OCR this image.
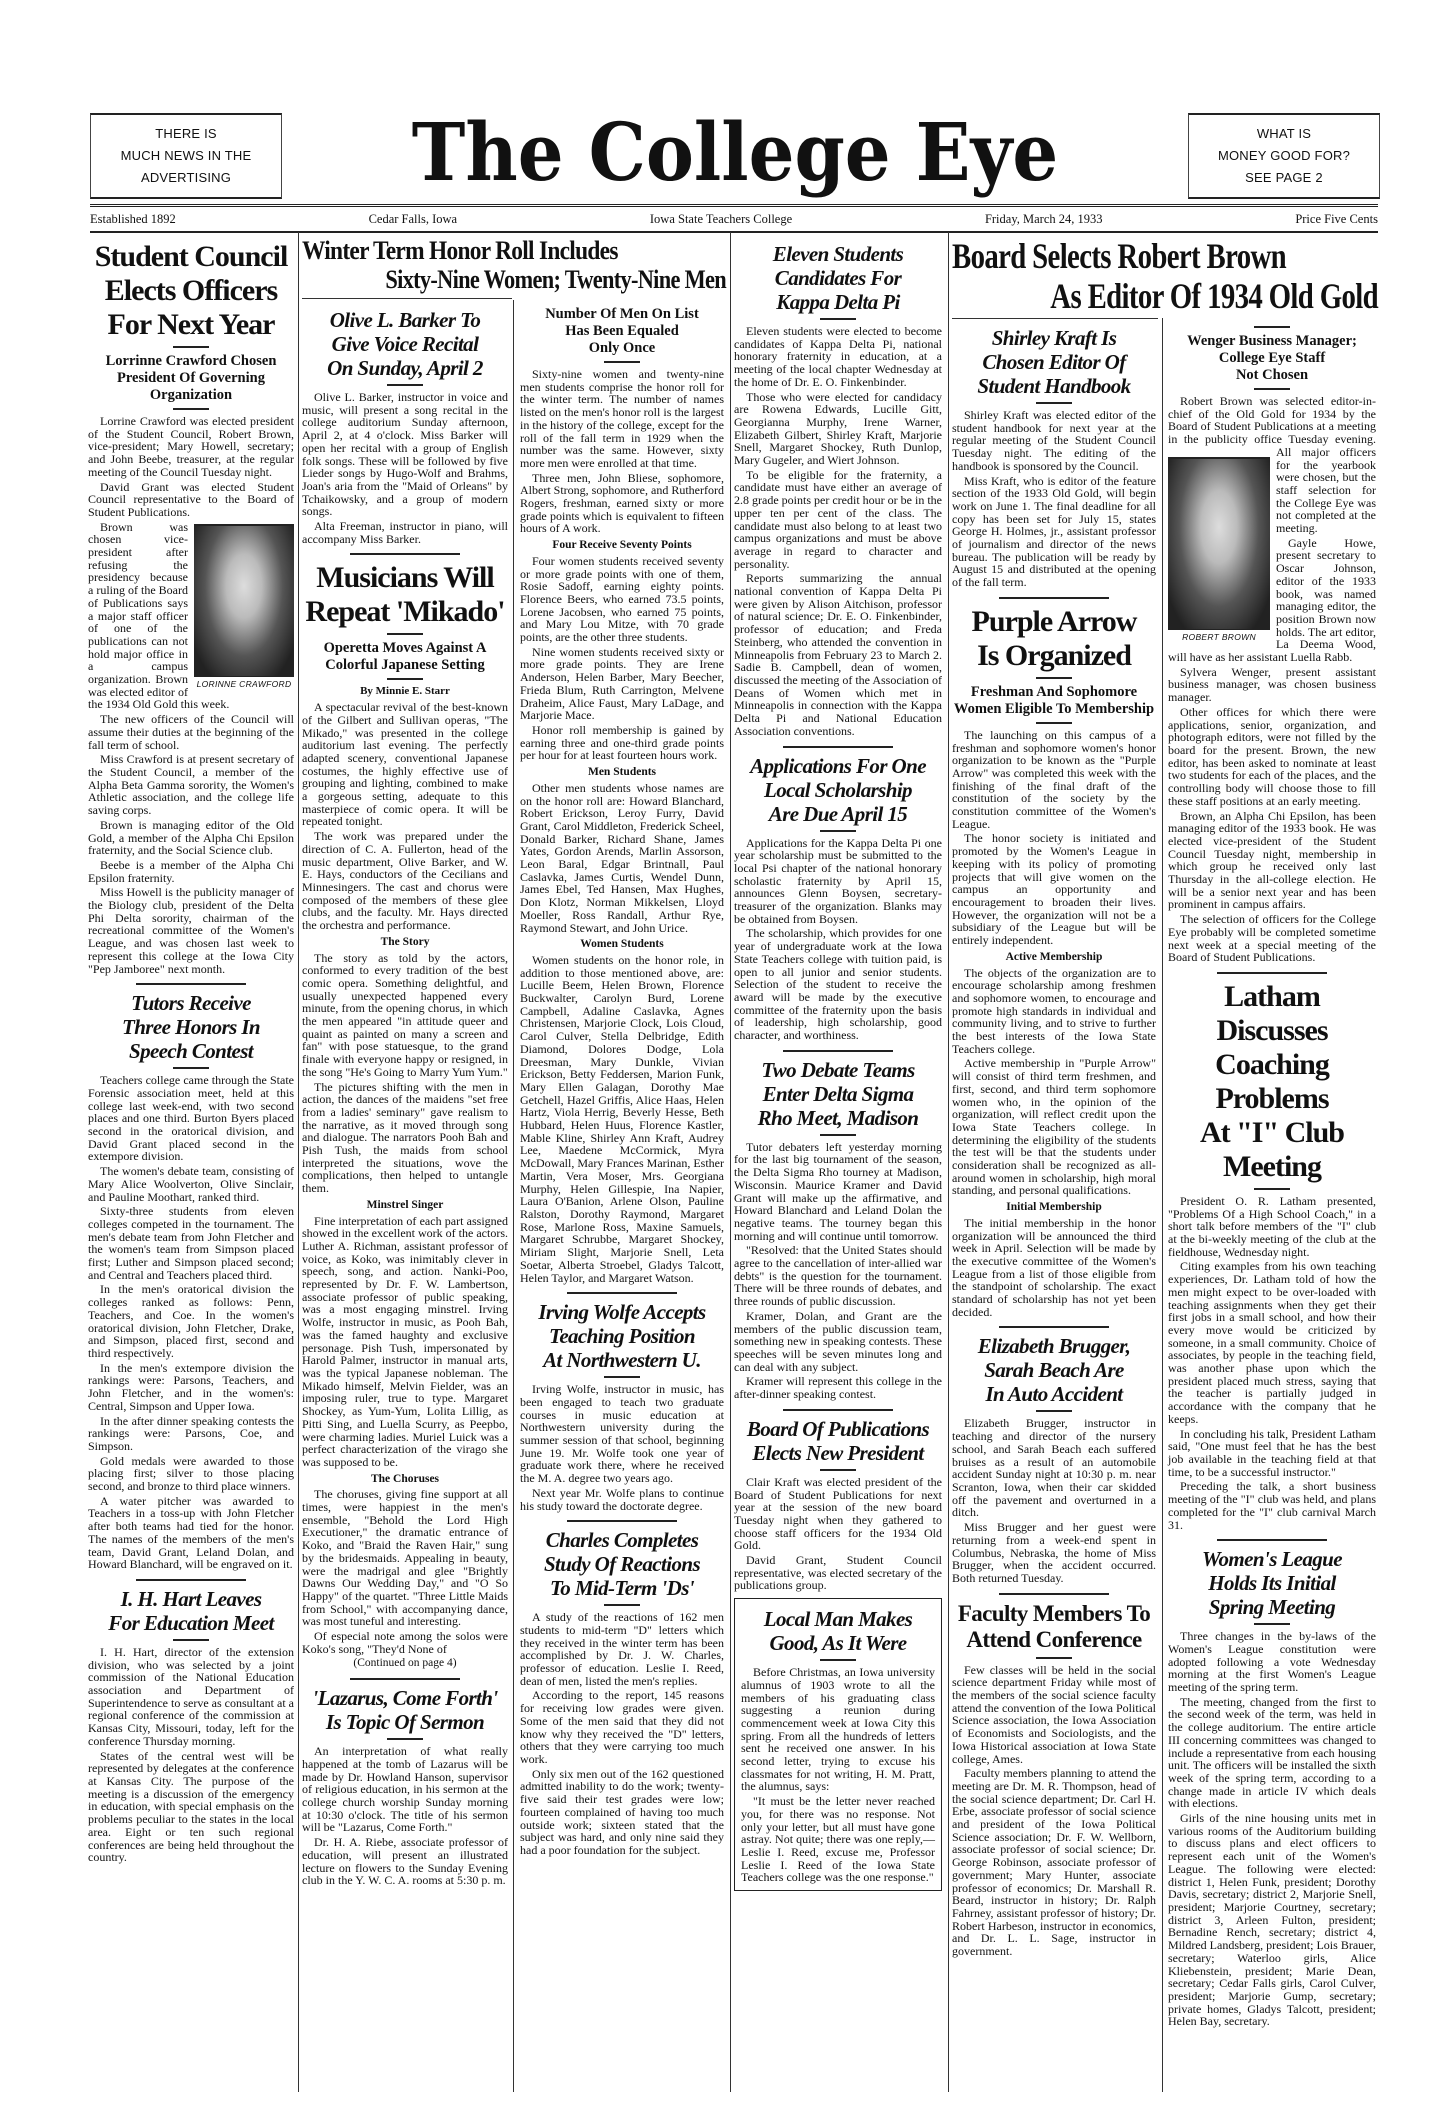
THERE IS
MUCH NEWS IN THE
ADVERTISING	The College Eye	WHAT IS
MONEY GOOD FOR?
SEE PAGE 2
Established 1892	Cedar Falls, Iowa	Iowa State Teachers College	Friday, March 24, 1933	Price Five Cents
Winter Term Honor Roll Includes
Sixty-Nine Women; Twenty-Nine Men
Board Selects Robert Brown
As Editor Of 1934 Old Gold
Student Council
Elects Officers
For Next Year
Lorrinne Crawford Chosen President Of Governing Organization
Lorrine Crawford was elected president of the Student Council, Robert Brown, vice-president; Mary Howell, secretary; and John Beebe, treasurer, at the regular meeting of the Council Tuesday night.
David Grant was elected Student Council representative to the Board of Student Publications.
LORINNE CRAWFORD
Brown was chosen vice-president after refusing the presidency because a ruling of the Board of Publications says a major staff officer of one of the publications can not hold major office in a campus organization. Brown was elected editor of the 1934 Old Gold this week.
The new officers of the Council will assume their duties at the beginning of the fall term of school.
Miss Crawford is at present secretary of the Student Council, a member of the Alpha Beta Gamma sorority, the Women's Athletic association, and the college life saving corps.
Brown is managing editor of the Old Gold, a member of the Alpha Chi Epsilon fraternity, and the Social Science club.
Beebe is a member of the Alpha Chi Epsilon fraternity.
Miss Howell is the publicity manager of the Biology club, president of the Delta Phi Delta sorority, chairman of the recreational committee of the Women's League, and was chosen last week to represent this college at the Iowa City "Pep Jamboree" next month.
Tutors Receive
Three Honors In
Speech Contest
Teachers college came through the State Forensic association meet, held at this college last week-end, with two second places and one third. Burton Byers placed second in the oratorical division, and David Grant placed second in the extempore division.
The women's debate team, consisting of Mary Alice Woolverton, Olive Sinclair, and Pauline Moothart, ranked third.
Sixty-three students from eleven colleges competed in the tournament. The men's debate team from John Fletcher and the women's team from Simpson placed first; Luther and Simpson placed second; and Central and Teachers placed third.
In the men's oratorical division the colleges ranked as follows: Penn, Teachers, and Coe. In the women's oratorical division, John Fletcher, Drake, and Simpson, placed first, second and third respectively.
In the men's extempore division the rankings were: Parsons, Teachers, and John Fletcher, and in the women's: Central, Simpson and Upper Iowa.
In the after dinner speaking contests the rankings were: Parsons, Coe, and Simpson.
Gold medals were awarded to those placing first; silver to those placing second, and bronze to third place winners.
A water pitcher was awarded to Teachers in a toss-up with John Fletcher after both teams had tied for the honor. The names of the members of the men's team, David Grant, Leland Dolan, and Howard Blanchard, will be engraved on it.
I. H. Hart Leaves
For Education Meet
I. H. Hart, director of the extension division, who was selected by a joint commission of the National Education association and Department of Superintendence to serve as consultant at a regional conference of the commission at Kansas City, Missouri, today, left for the conference Thursday morning.
States of the central west will be represented by delegates at the conference at Kansas City. The purpose of the meeting is a discussion of the emergency in education, with special emphasis on the problems peculiar to the states in the local area. Eight or ten such regional conferences are being held throughout the country.
Olive L. Barker To
Give Voice Recital
On Sunday, April 2
Olive L. Barker, instructor in voice and music, will present a song recital in the college auditorium Sunday afternoon, April 2, at 4 o'clock. Miss Barker will open her recital with a group of English folk songs. These will be followed by five Lieder songs by Hugo-Wolf and Brahms, Joan's aria from the "Maid of Orleans" by Tchaikowsky, and a group of modern songs.
Alta Freeman, instructor in piano, will accompany Miss Barker.
Musicians Will
Repeat 'Mikado'
Operetta Moves Against A Colorful Japanese Setting
By Minnie E. Starr
A spectacular revival of the best-known of the Gilbert and Sullivan operas, "The Mikado," was presented in the college auditorium last evening. The perfectly adapted scenery, conventional Japanese costumes, the highly effective use of grouping and lighting, combined to make a gorgeous setting, adequate to this masterpiece of comic opera. It will be repeated tonight.
The work was prepared under the direction of C. A. Fullerton, head of the music department, Olive Barker, and W. E. Hays, conductors of the Cecilians and Minnesingers. The cast and chorus were composed of the members of these glee clubs, and the faculty. Mr. Hays directed the orchestra and performance.
The Story
The story as told by the actors, conformed to every tradition of the best comic opera. Something delightful, and usually unexpected happened every minute, from the opening chorus, in which the men appeared "in attitude queer and quaint as painted on many a screen and fan" with pose statuesque, to the grand finale with everyone happy or resigned, in the song "He's Going to Marry Yum Yum."
The pictures shifting with the men in action, the dances of the maidens "set free from a ladies' seminary" gave realism to the narrative, as it moved through song and dialogue. The narrators Pooh Bah and Pish Tush, the maids from school interpreted the situations, wove the complications, then helped to untangle them.
Minstrel Singer
Fine interpretation of each part assigned showed in the excellent work of the actors. Luther A. Richman, assistant professor of voice, as Koko, was inimitably clever in speech, song, and action. Nanki-Poo, represented by Dr. F. W. Lambertson, associate professor of public speaking, was a most engaging minstrel. Irving Wolfe, instructor in music, as Pooh Bah, was the famed haughty and exclusive personage. Pish Tush, impersonated by Harold Palmer, instructor in manual arts, was the typical Japanese nobleman. The Mikado himself, Melvin Fielder, was an imposing ruler, true to type. Margaret Shockey, as Yum-Yum, Lolita Lillig, as Pitti Sing, and Luella Scurry, as Peepbo, were charming ladies. Muriel Luick was a perfect characterization of the virago she was supposed to be.
The Choruses
The choruses, giving fine support at all times, were happiest in the men's ensemble, "Behold the Lord High Executioner," the dramatic entrance of Koko, and "Braid the Raven Hair," sung by the bridesmaids. Appealing in beauty, were the madrigal and glee "Brightly Dawns Our Wedding Day," and "O So Happy" of the quartet. "Three Little Maids from School," with accompanying dance, was most tuneful and interesting.
Of especial note among the solos were Koko's song, "They'd None of
(Continued on page 4)
'Lazarus, Come Forth'
Is Topic Of Sermon
An interpretation of what really happened at the tomb of Lazarus will be made by Dr. Howland Hanson, supervisor of religious education, in his sermon at the college church worship Sunday morning at 10:30 o'clock. The title of his sermon will be "Lazarus, Come Forth."
Dr. H. A. Riebe, associate professor of education, will present an illustrated lecture on flowers to the Sunday Evening club in the Y. W. C. A. rooms at 5:30 p. m.
Number Of Men On List
Has Been Equaled
Only Once
Sixty-nine women and twenty-nine men students comprise the honor roll for the winter term. The number of names listed on the men's honor roll is the largest in the history of the college, except for the roll of the fall term in 1929 when the number was the same. However, sixty more men were enrolled at that time.
Three men, John Bliese, sophomore, Albert Strong, sophomore, and Rutherford Rogers, freshman, earned sixty or more grade points which is equivalent to fifteen hours of A work.
Four Receive Seventy Points
Four women students received seventy or more grade points with one of them, Rosie Sadoff, earning eighty points. Florence Beers, who earned 73.5 points, Lorene Jacobsen, who earned 75 points, and Mary Lou Mitze, with 70 grade points, are the other three students.
Nine women students received sixty or more grade points. They are Irene Anderson, Helen Barber, Mary Beecher, Frieda Blum, Ruth Carrington, Melvene Draheim, Alice Faust, Mary LaDage, and Marjorie Mace.
Honor roll membership is gained by earning three and one-third grade points per hour for at least fourteen hours work.
Men Students
Other men students whose names are on the honor roll are: Howard Blanchard, Robert Erickson, Leroy Furry, David Grant, Carol Middleton, Frederick Scheel, Donald Barker, Richard Shane, James Yates, Gordon Arends, Marlin Assorson, Leon Baral, Edgar Brintnall, Paul Caslavka, James Curtis, Wendel Dunn, James Ebel, Ted Hansen, Max Hughes, Don Klotz, Norman Mikkelsen, Lloyd Moeller, Ross Randall, Arthur Rye, Raymond Stewart, and John Urice.
Women Students
Women students on the honor role, in addition to those mentioned above, are: Lucille Beem, Helen Brown, Florence Buckwalter, Carolyn Burd, Lorene Campbell, Adaline Caslavka, Agnes Christensen, Marjorie Clock, Lois Cloud, Carol Culver, Stella Delbridge, Edith Diamond, Dolores Dodge, Lola Dreesman, Mary Dunkle, Vivian Erickson, Betty Feddersen, Marion Funk, Mary Ellen Galagan, Dorothy Mae Getchell, Hazel Griffis, Alice Haas, Helen Hartz, Viola Herrig, Beverly Hesse, Beth Hubbard, Helen Huus, Florence Kastler, Mable Kline, Shirley Ann Kraft, Audrey Lee, Maedene McCormick, Myra McDowall, Mary Frances Marinan, Esther Martin, Vera Moser, Mrs. Georgiana Murphy, Helen Gillespie, Ina Napier, Laura O'Banion, Arlene Olson, Pauline Ralston, Dorothy Raymond, Margaret Rose, Marlone Ross, Maxine Samuels, Margaret Schrubbe, Margaret Shockey, Miriam Slight, Marjorie Snell, Leta Soetar, Alberta Stroebel, Gladys Talcott, Helen Taylor, and Margaret Watson.
Irving Wolfe Accepts
Teaching Position
At Northwestern U.
Irving Wolfe, instructor in music, has been engaged to teach two graduate courses in music education at Northwestern university during the summer session of that school, beginning June 19. Mr. Wolfe took one year of graduate work there, where he received the M. A. degree two years ago.
Next year Mr. Wolfe plans to continue his study toward the doctorate degree.
Charles Completes
Study Of Reactions
To Mid-Term 'Ds'
A study of the reactions of 162 men students to mid-term "D" letters which they received in the winter term has been accomplished by Dr. J. W. Charles, professor of education. Leslie I. Reed, dean of men, listed the men's replies.
According to the report, 145 reasons for receiving low grades were given. Some of the men said that they did not know why they received the "D" letters, others that they were carrying too much work.
Only six men out of the 162 questioned admitted inability to do the work; twenty-five said their test grades were low; fourteen complained of having too much outside work; sixteen stated that the subject was hard, and only nine said they had a poor foundation for the subject.
Eleven Students
Candidates For
Kappa Delta Pi
Eleven students were elected to become candidates of Kappa Delta Pi, national honorary fraternity in education, at a meeting of the local chapter Wednesday at the home of Dr. E. O. Finkenbinder.
Those who were elected for candidacy are Rowena Edwards, Lucille Gitt, Georgianna Murphy, Irene Warner, Elizabeth Gilbert, Shirley Kraft, Marjorie Snell, Margaret Shockey, Ruth Dunlop, Mary Gugeler, and Wiert Johnson.
To be eligible for the fraternity, a candidate must have either an average of 2.8 grade points per credit hour or be in the upper ten per cent of the class. The candidate must also belong to at least two campus organizations and must be above average in regard to character and personality.
Reports summarizing the annual national convention of Kappa Delta Pi were given by Alison Aitchison, professor of natural science; Dr. E. O. Finkenbinder, professor of education; and Freda Steinberg, who attended the convention in Minneapolis from February 23 to March 2. Sadie B. Campbell, dean of women, discussed the meeting of the Association of Deans of Women which met in Minneapolis in connection with the Kappa Delta Pi and National Education Association conventions.
Applications For One
Local Scholarship
Are Due April 15
Applications for the Kappa Delta Pi one year scholarship must be submitted to the local Psi chapter of the national honorary scholastic fraternity by April 15, announces Glenn Boysen, secretary-treasurer of the organization. Blanks may be obtained from Boysen.
The scholarship, which provides for one year of undergraduate work at the Iowa State Teachers college with tuition paid, is open to all junior and senior students. Selection of the student to receive the award will be made by the executive committee of the fraternity upon the basis of leadership, high scholarship, good character, and worthiness.
Two Debate Teams
Enter Delta Sigma
Rho Meet, Madison
Tutor debaters left yesterday morning for the last big tournament of the season, the Delta Sigma Rho tourney at Madison, Wisconsin. Maurice Kramer and David Grant will make up the affirmative, and Howard Blanchard and Leland Dolan the negative teams. The tourney began this morning and will continue until tomorrow.
"Resolved: that the United States should agree to the cancellation of inter-allied war debts" is the question for the tournament. There will be three rounds of debates, and three rounds of public discussion.
Kramer, Dolan, and Grant are the members of the public discussion team, something new in speaking contests. These speeches will be seven minutes long and can deal with any subject.
Kramer will represent this college in the after-dinner speaking contest.
Board Of Publications
Elects New President
Clair Kraft was elected president of the Board of Student Publications for next year at the session of the new board Tuesday night when they gathered to choose staff officers for the 1934 Old Gold.
David Grant, Student Council representative, was elected secretary of the publications group.
Local Man Makes
Good, As It Were
Before Christmas, an Iowa university alumnus of 1903 wrote to all the members of his graduating class suggesting a reunion during commencement week at Iowa City this spring. From all the hundreds of letters sent he received one answer. In his second letter, trying to excuse his classmates for not writing, H. M. Pratt, the alumnus, says:
"It must be the letter never reached you, for there was no response. Not only your letter, but all must have gone astray. Not quite; there was one reply,—Leslie I. Reed, excuse me, Professor Leslie I. Reed of the Iowa State Teachers college was the one response."
Shirley Kraft Is
Chosen Editor Of
Student Handbook
Shirley Kraft was elected editor of the student handbook for next year at the regular meeting of the Student Council Tuesday night. The editing of the handbook is sponsored by the Council.
Miss Kraft, who is editor of the feature section of the 1933 Old Gold, will begin work on June 1. The final deadline for all copy has been set for July 15, states George H. Holmes, jr., assistant professor of journalism and director of the news bureau. The publication will be ready by August 15 and distributed at the opening of the fall term.
Purple Arrow
Is Organized
Freshman And Sophomore Women Eligible To Membership
The launching on this campus of a freshman and sophomore women's honor organization to be known as the "Purple Arrow" was completed this week with the finishing of the final draft of the constitution of the society by the constitution committee of the Women's League.
The honor society is initiated and promoted by the Women's League in keeping with its policy of promoting projects that will give women on the campus an opportunity and encouragement to broaden their lives. However, the organization will not be a subsidiary of the League but will be entirely independent.
Active Membership
The objects of the organization are to encourage scholarship among freshmen and sophomore women, to encourage and promote high standards in individual and community living, and to strive to further the best interests of the Iowa State Teachers college.
Active membership in "Purple Arrow" will consist of third term freshmen, and first, second, and third term sophomore women who, in the opinion of the organization, will reflect credit upon the Iowa State Teachers college. In determining the eligibility of the students the test will be that the students under consideration shall be recognized as all-around women in scholarship, high moral standing, and personal qualifications.
Initial Membership
The initial membership in the honor organization will be announced the third week in April. Selection will be made by the executive committee of the Women's League from a list of those eligible from the standpoint of scholarship. The exact standard of scholarship has not yet been decided.
Elizabeth Brugger,
Sarah Beach Are
In Auto Accident
Elizabeth Brugger, instructor in teaching and director of the nursery school, and Sarah Beach each suffered bruises as a result of an automobile accident Sunday night at 10:30 p. m. near Scranton, Iowa, when their car skidded off the pavement and overturned in a ditch.
Miss Brugger and her guest were returning from a week-end spent in Columbus, Nebraska, the home of Miss Brugger, when the accident occurred. Both returned Tuesday.
Faculty Members To
Attend Conference
Few classes will be held in the social science department Friday while most of the members of the social science faculty attend the convention of the Iowa Political Science association, the Iowa Association of Economists and Sociologists, and the Iowa Historical association at Iowa State college, Ames.
Faculty members planning to attend the meeting are Dr. M. R. Thompson, head of the social science department; Dr. Carl H. Erbe, associate professor of social science and president of the Iowa Political Science association; Dr. F. W. Wellborn, associate professor of social science; Dr. George Robinson, associate professor of government; Mary Hunter, associate professor of economics; Dr. Marshall R. Beard, instructor in history; Dr. Ralph Fahrney, assistant professor of history; Dr. Robert Harbeson, instructor in economics, and Dr. L. L. Sage, instructor in government.
Wenger Business Manager;
College Eye Staff
Not Chosen
ROBERT BROWN
Robert Brown was selected editor-in-chief of the Old Gold for 1934 by the Board of Student Publications at a meeting in the publicity office Tuesday evening. All major officers for the yearbook were chosen, but the staff selection for the College Eye was not completed at the meeting.
Gayle Howe, present secretary to Oscar Johnson, editor of the 1933 book, was named managing editor, the position Brown now holds. The art editor, La Deema Wood, will have as her assistant Luella Rabb.
Sylvera Wenger, present assistant business manager, was chosen business manager.
Other offices for which there were applications, senior, organization, and photograph editors, were not filled by the board for the present. Brown, the new editor, has been asked to nominate at least two students for each of the places, and the controlling body will choose those to fill these staff positions at an early meeting.
Brown, an Alpha Chi Epsilon, has been managing editor of the 1933 book. He was elected vice-president of the Student Council Tuesday night, membership in which group he received only last Thursday in the all-college election. He will be a senior next year and has been prominent in campus affairs.
The selection of officers for the College Eye probably will be completed sometime next week at a special meeting of the Board of Student Publications.
Latham Discusses
Coaching Problems
At "I" Club Meeting
President O. R. Latham presented, "Problems Of a High School Coach," in a short talk before members of the "I" club at the bi-weekly meeting of the club at the fieldhouse, Wednesday night.
Citing examples from his own teaching experiences, Dr. Latham told of how the men might expect to be over-loaded with teaching assignments when they get their first jobs in a small school, and how their every move would be criticized by someone, in a small community. Choice of associates, by people in the teaching field, was another phase upon which the president placed much stress, saying that the teacher is partially judged in accordance with the company that he keeps.
In concluding his talk, President Latham said, "One must feel that he has the best job available in the teaching field at that time, to be a successful instructor."
Preceding the talk, a short business meeting of the "I" club was held, and plans completed for the "I" club carnival March 31.
Women's League
Holds Its Initial
Spring Meeting
Three changes in the by-laws of the Women's League constitution were adopted following a vote Wednesday morning at the first Women's League meeting of the spring term.
The meeting, changed from the first to the second week of the term, was held in the college auditorium. The entire article III concerning committees was changed to include a representative from each housing unit. The officers will be installed the sixth week of the spring term, according to a change made in article IV which deals with elections.
Girls of the nine housing units met in various rooms of the Auditorium building to discuss plans and elect officers to represent each unit of the Women's League. The following were elected: district 1, Helen Funk, president; Dorothy Davis, secretary; district 2, Marjorie Snell, president; Marjorie Courtney, secretary; district 3, Arleen Fulton, president; Bernadine Rench, secretary; district 4, Mildred Landsberg, president; Lois Brauer, secretary; Waterloo girls, Alice Kliebenstein, president; Marie Dean, secretary; Cedar Falls girls, Carol Culver, president; Marjorie Gump, secretary; private homes, Gladys Talcott, president; Helen Bay, secretary.
